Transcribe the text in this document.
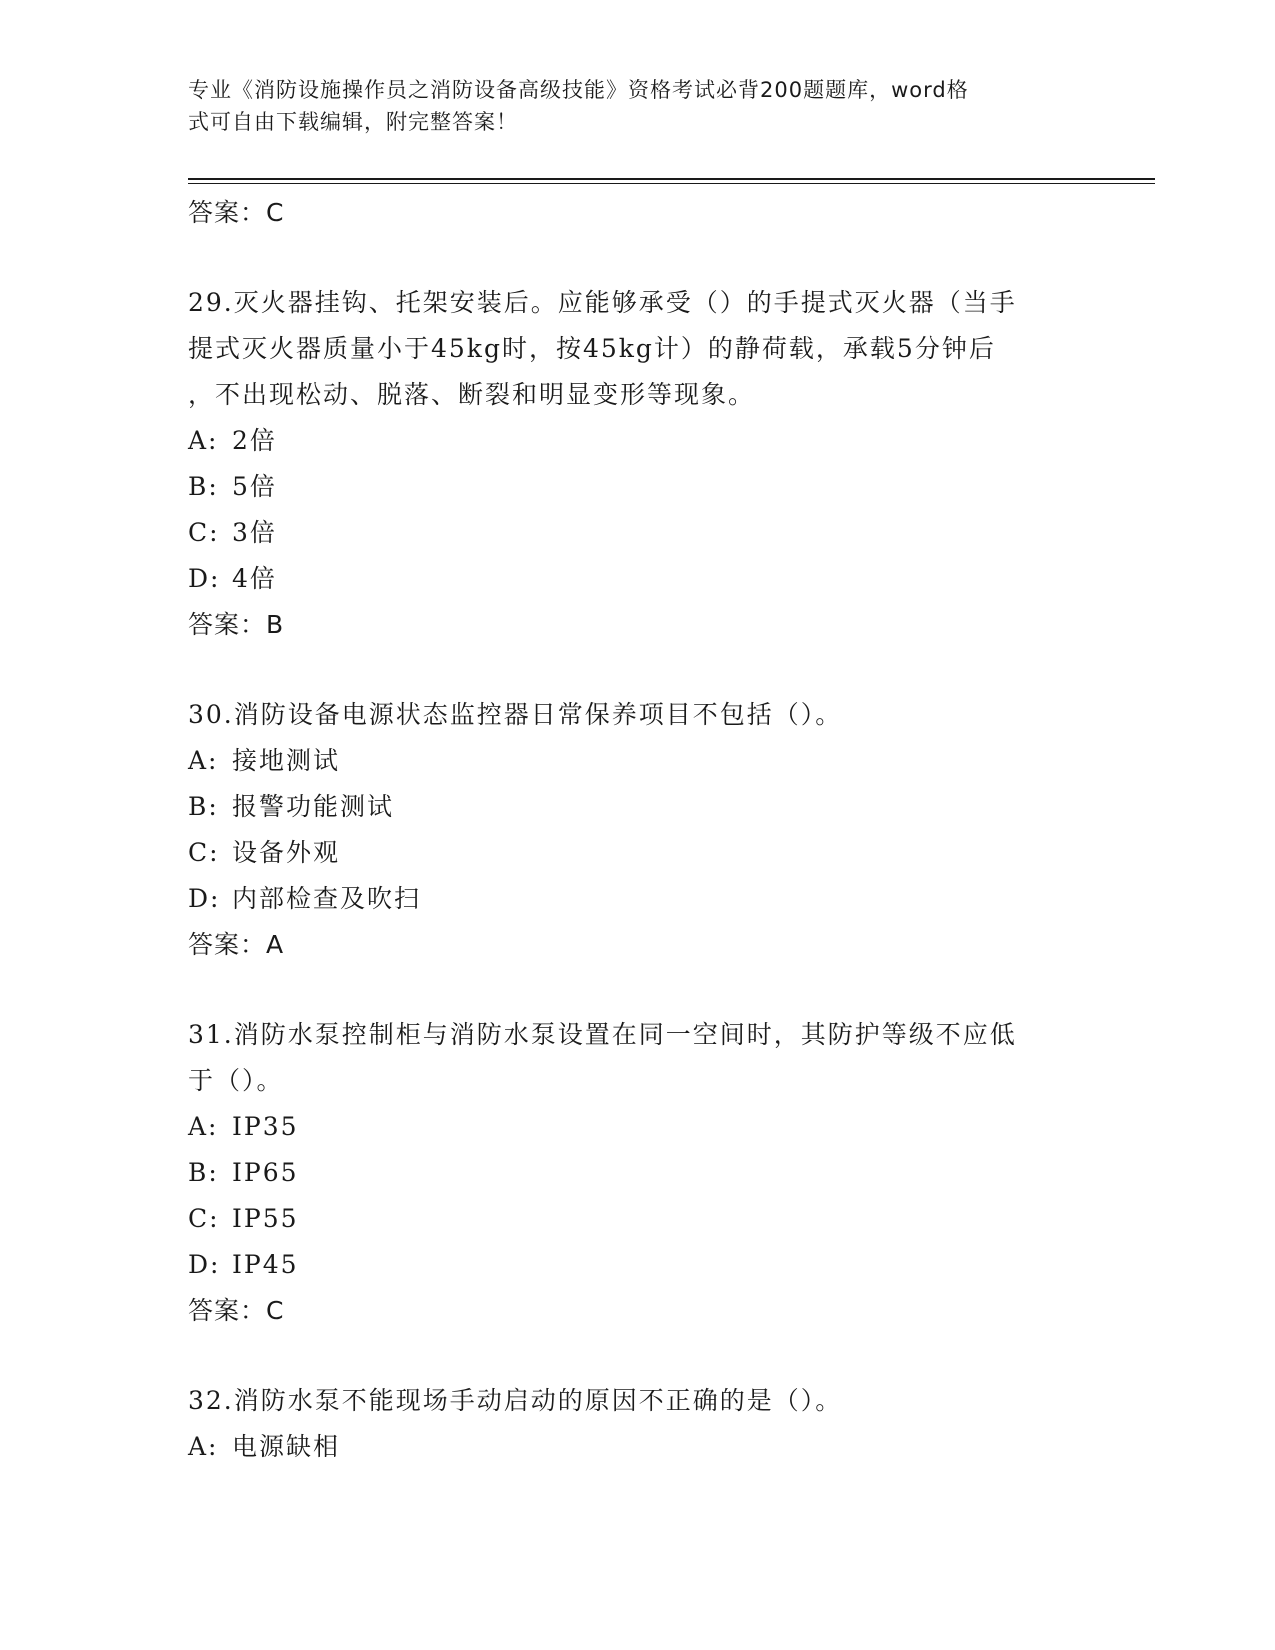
专业《消防设施操作员之消防设备高级技能》资格考试必背200题题库，word格
式可自由下载编辑，附完整答案！
答案：C
29.灭火器挂钩、托架安装后。应能够承受（）的手提式灭火器（当手
提式灭火器质量小于45kg时，按45kg计）的静荷载，承载5分钟后
，不出现松动、脱落、断裂和明显变形等现象。
A: 2倍
B: 5倍
C: 3倍
D: 4倍
答案：B
30.消防设备电源状态监控器日常保养项目不包括（）。
A: 接地测试
B: 报警功能测试
C: 设备外观
D: 内部检查及吹扫
答案：A
31.消防水泵控制柜与消防水泵设置在同一空间时，其防护等级不应低
于（）。
A: IP35
B: IP65
C: IP55
D: IP45
答案：C
32.消防水泵不能现场手动启动的原因不正确的是（）。
A: 电源缺相
